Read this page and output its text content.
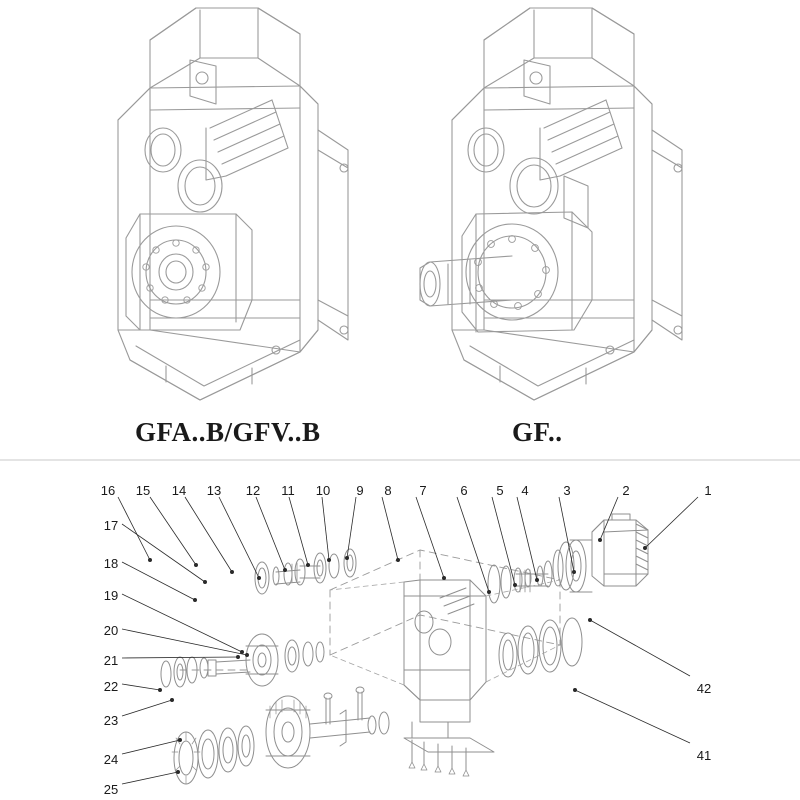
GFA..B/GFV..B	GF..
16 15 14 13 12	11	10	9	8	7	6	5	4	3	2	1
17
18
19
20
21
22
23
24
25
42
41
